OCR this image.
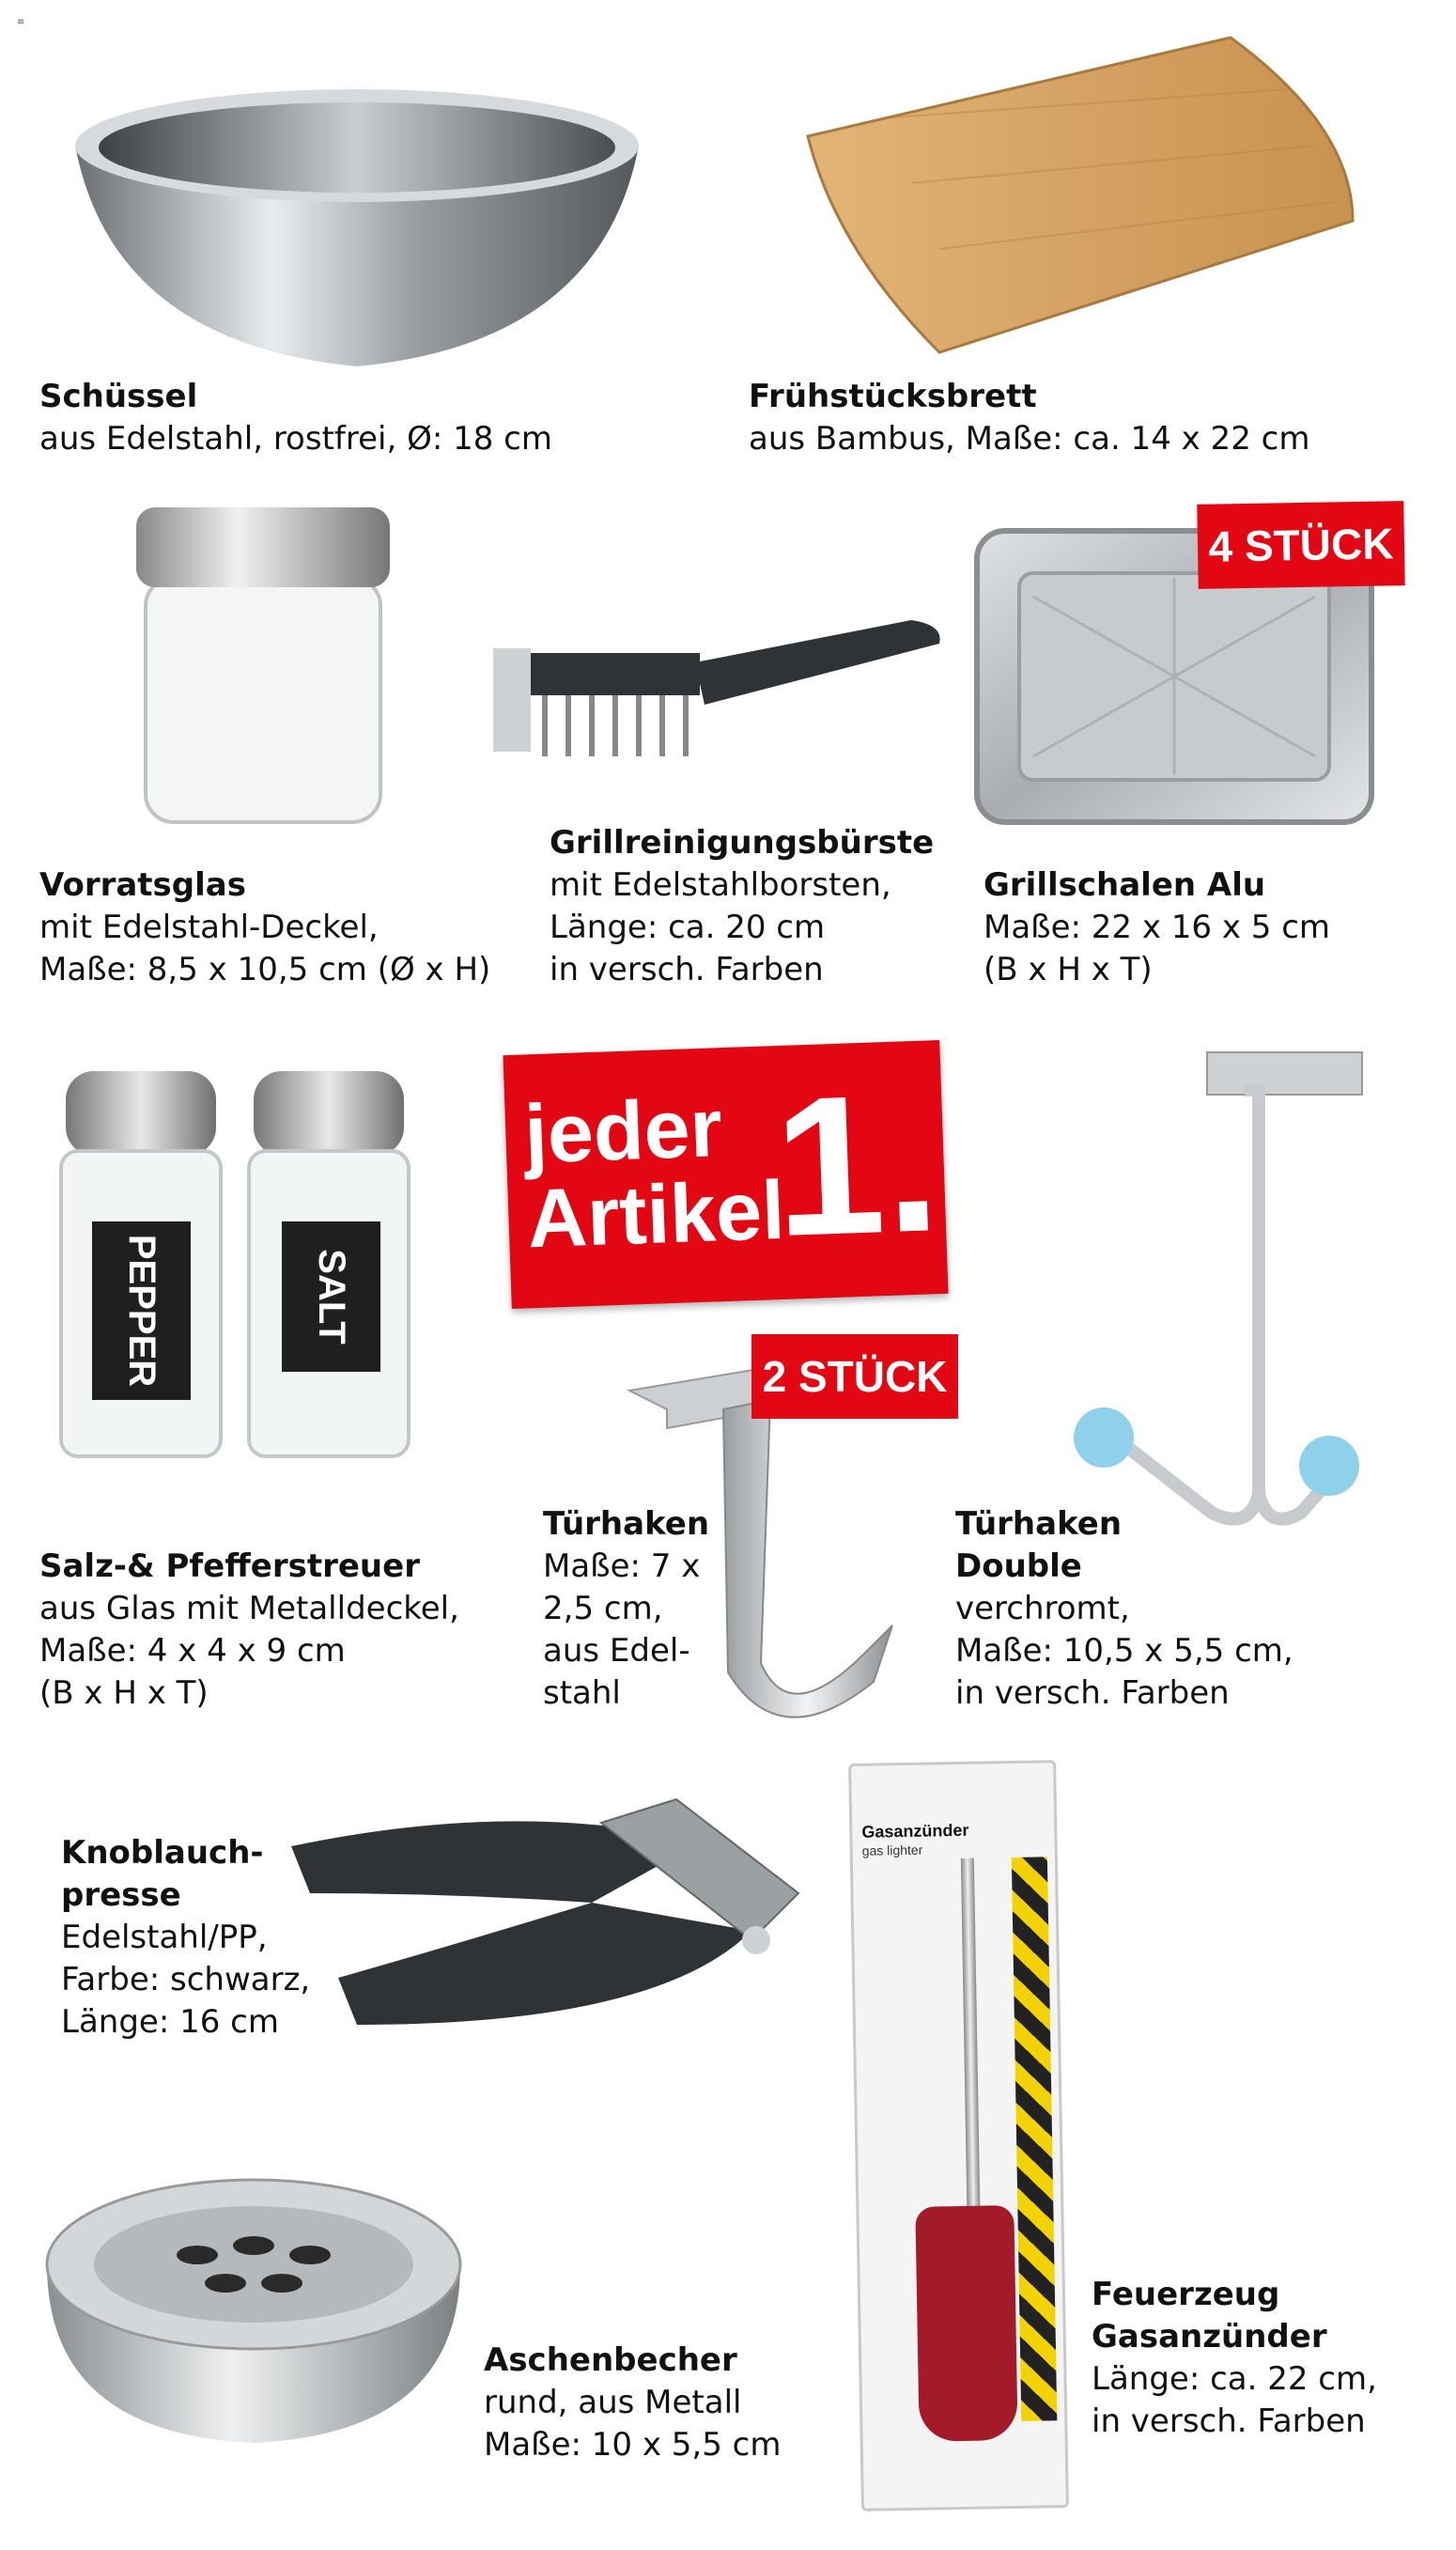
≡
Schüssel
aus Edelstahl, rostfrei, Ø: 18 cm
Frühstücksbrett
aus Bambus, Maße: ca. 14 x 22 cm
Vorratsglas
mit Edelstahl-Deckel,
Maße: 8,5 x 10,5 cm (Ø x H)
Grillreinigungsbürste
mit Edelstahlborsten,
Länge: ca. 20 cm
in versch. Farben
4 STÜCK
Grillschalen Alu
Maße: 22 x 16 x 5 cm
(B x H x T)
PEPPER	SALT
Salz-& Pfefferstreuer
aus Glas mit Metalldeckel,
Maße: 4 x 4 x 9 cm
(B x H x T)
jeder
Artikel
1.-
2 STÜCK
Türhaken
Maße: 7 x
2,5 cm,
aus Edel-
stahl
Türhaken
Double
verchromt,
Maße: 10,5 x 5,5 cm,
in versch. Farben
Knoblauch-
presse
Edelstahl/PP,
Farbe: schwarz,
Länge: 16 cm
Gasanzünder
gas lighter
Feuerzeug
Gasanzünder
Länge: ca. 22 cm,
in versch. Farben
Aschenbecher
rund, aus Metall
Maße: 10 x 5,5 cm
